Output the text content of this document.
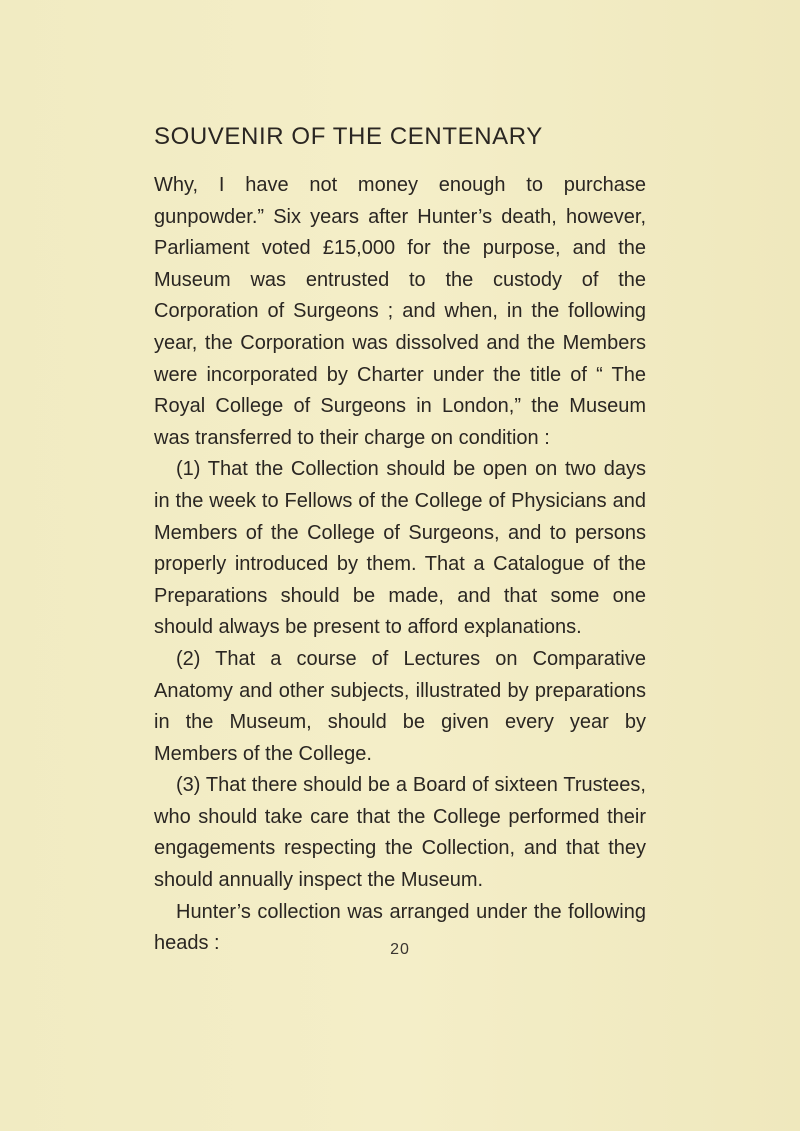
SOUVENIR OF THE CENTENARY

Why, I have not money enough to purchase gunpowder.” Six years after Hunter’s death, however, Parliament voted £15,000 for the purpose, and the Museum was entrusted to the custody of the Corporation of Surgeons ; and when, in the following year, the Corporation was dissolved and the Members were incorporated by Charter under the title of “ The Royal College of Surgeons in London,” the Museum was transferred to their charge on condition :

(1) That the Collection should be open on two days in the week to Fellows of the College of Physicians and Members of the College of Surgeons, and to persons properly introduced by them. That a Catalogue of the Preparations should be made, and that some one should always be present to afford explanations.

(2) That a course of Lectures on Comparative Anatomy and other subjects, illustrated by preparations in the Museum, should be given every year by Members of the College.

(3) That there should be a Board of sixteen Trustees, who should take care that the College performed their engagements respecting the Collection, and that they should annually inspect the Museum.

Hunter’s collection was arranged under the following heads :	20
